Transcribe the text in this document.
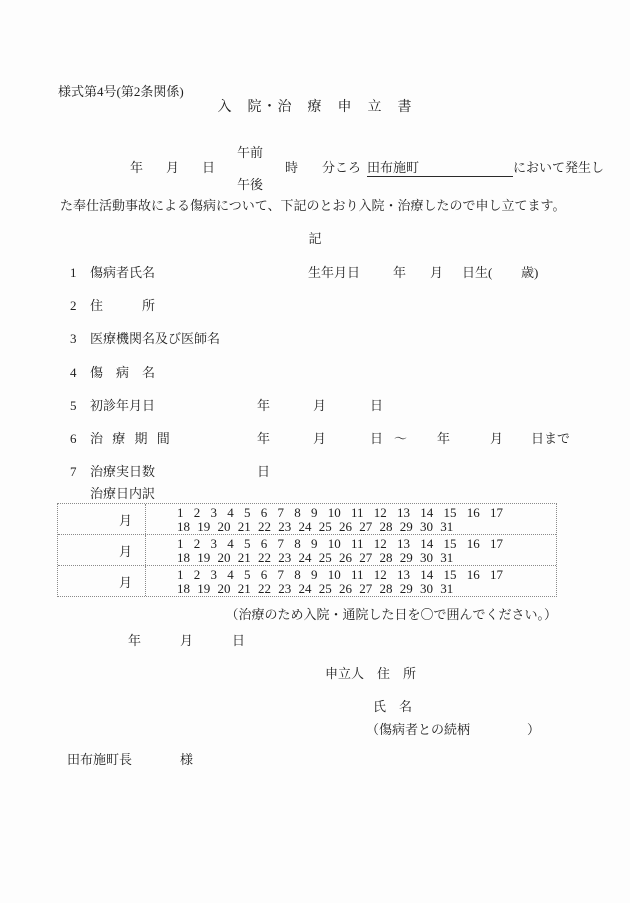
様式第4号(第2条関係)
入　院・治　療　申　立　書
午前
年 月 日	時 分ころ 田布施町	において発生し
午後
た奉仕活動事故による傷病について、下記のとおり入院・治療したので申し立てます。
記
1 傷病者氏名	生年月日	年 月 日生( 歳)
2 住　　　所
3 医療機関名及び医師名
4 傷　病　名
5 初診年月日	年	月	日
6 治 療 期 間	年	月	日 ～ 年	月 日まで
7 治療実日数	日
治療日内訳
月
1 2 3 4 5 6 7 8 9 10 11 12 13 14 15 16 17
18 19 20 21 22 23 24 25 26 27 28 29 30 31
月
1 2 3 4 5 6 7 8 9 10 11 12 13 14 15 16 17
18 19 20 21 22 23 24 25 26 27 28 29 30 31
月
1 2 3 4 5 6 7 8 9 10 11 12 13 14 15 16 17
18 19 20 21 22 23 24 25 26 27 28 29 30 31
（治療のため入院・通院した日を〇で囲んでください。）
年	月	日
申立人　住　所
氏　名
（傷病者との続柄	）
田布施町長	様
